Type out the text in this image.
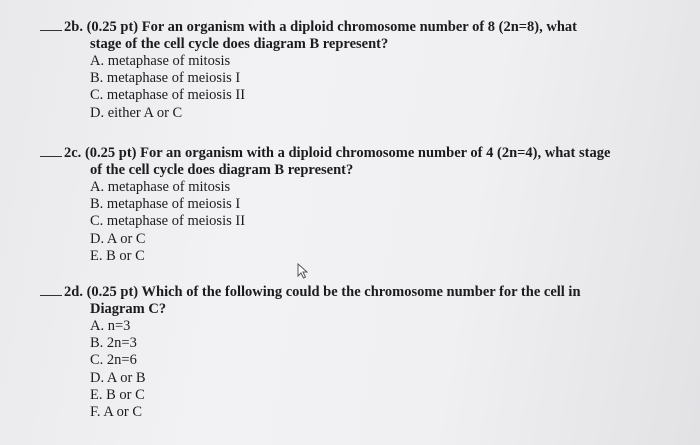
2b. (0.25 pt) For an organism with a diploid chromosome number of 8 (2n=8), what
stage of the cell cycle does diagram B represent?
A. metaphase of mitosis
B. metaphase of meiosis I
C. metaphase of meiosis II
D. either A or C
2c. (0.25 pt) For an organism with a diploid chromosome number of 4 (2n=4), what stage
of the cell cycle does diagram B represent?
A. metaphase of mitosis
B. metaphase of meiosis I
C. metaphase of meiosis II
D. A or C
E. B or C
2d. (0.25 pt) Which of the following could be the chromosome number for the cell in
Diagram C?
A. n=3
B. 2n=3
C. 2n=6
D. A or B
E. B or C
F. A or C
